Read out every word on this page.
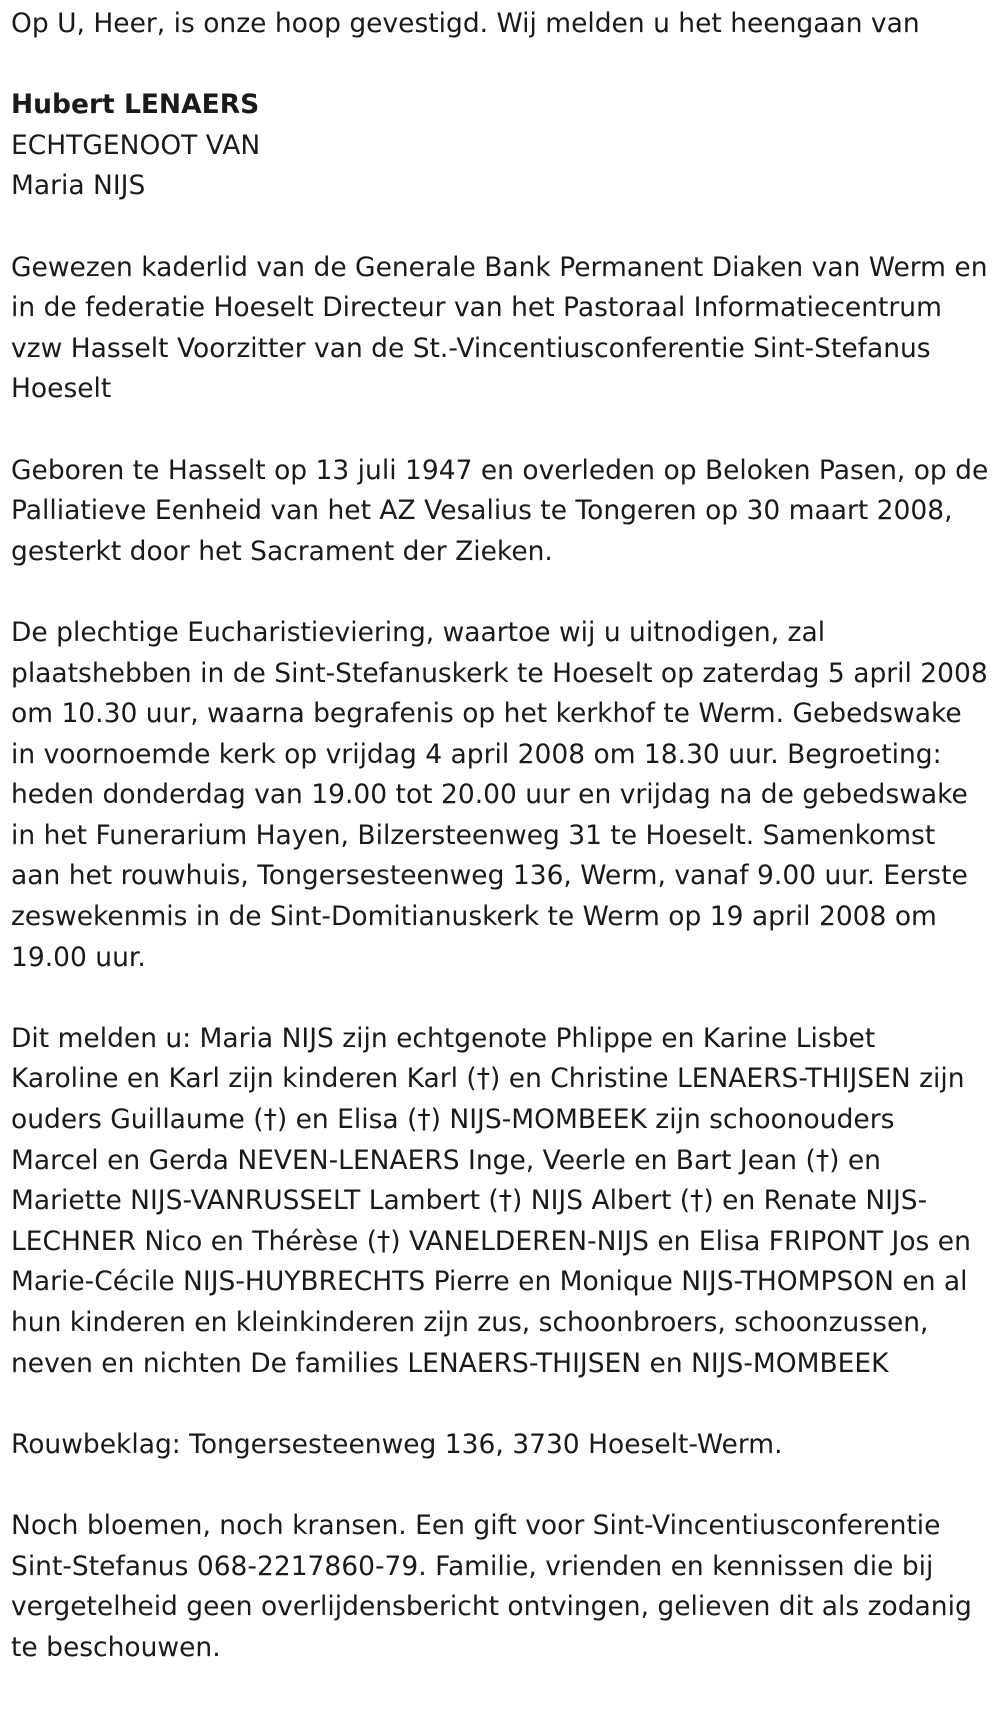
Op U, Heer, is onze hoop gevestigd. Wij melden u het heengaan van

Hubert LENAERS

ECHTGENOOT VAN

Maria NIJS

Gewezen kaderlid van de Generale Bank Permanent Diaken van Werm en in de federatie Hoeselt Directeur van het Pastoraal Informatiecentrum vzw Hasselt Voorzitter van de St.-Vincentiusconferentie Sint-Stefanus Hoeselt

Geboren te Hasselt op 13 juli 1947 en overleden op Beloken Pasen, op de Palliatieve Eenheid van het AZ Vesalius te Tongeren op 30 maart 2008, gesterkt door het Sacrament der Zieken.

De plechtige Eucharistieviering, waartoe wij u uitnodigen, zal plaatshebben in de Sint-Stefanuskerk te Hoeselt op zaterdag 5 april 2008 om 10.30 uur, waarna begrafenis op het kerkhof te Werm. Gebedswake in voornoemde kerk op vrijdag 4 april 2008 om 18.30 uur. Begroeting: heden donderdag van 19.00 tot 20.00 uur en vrijdag na de gebedswake in het Funerarium Hayen, Bilzersteenweg 31 te Hoeselt. Samenkomst aan het rouwhuis, Tongersesteenweg 136, Werm, vanaf 9.00 uur. Eerste zeswekenmis in de Sint-Domitianuskerk te Werm op 19 april 2008 om 19.00 uur.

Dit melden u: Maria NIJS zijn echtgenote Phlippe en Karine Lisbet Karoline en Karl zijn kinderen Karl (†) en Christine LENAERS-THIJSEN zijn ouders Guillaume (†) en Elisa (†) NIJS-MOMBEEK zijn schoonouders Marcel en Gerda NEVEN-LENAERS Inge, Veerle en Bart Jean (†) en Mariette NIJS-VANRUSSELT Lambert (†) NIJS Albert (†) en Renate NIJS-LECHNER Nico en Thérèse (†) VANELDEREN-NIJS en Elisa FRIPONT Jos en Marie-Cécile NIJS-HUYBRECHTS Pierre en Monique NIJS-THOMPSON en al hun kinderen en kleinkinderen zijn zus, schoonbroers, schoonzussen, neven en nichten De families LENAERS-THIJSEN en NIJS-MOMBEEK

Rouwbeklag: Tongersesteenweg 136, 3730 Hoeselt-Werm.

Noch bloemen, noch kransen. Een gift voor Sint-Vincentiusconferentie Sint-Stefanus 068-2217860-79. Familie, vrienden en kennissen die bij vergetelheid geen overlijdensbericht ontvingen, gelieven dit als zodanig te beschouwen.
